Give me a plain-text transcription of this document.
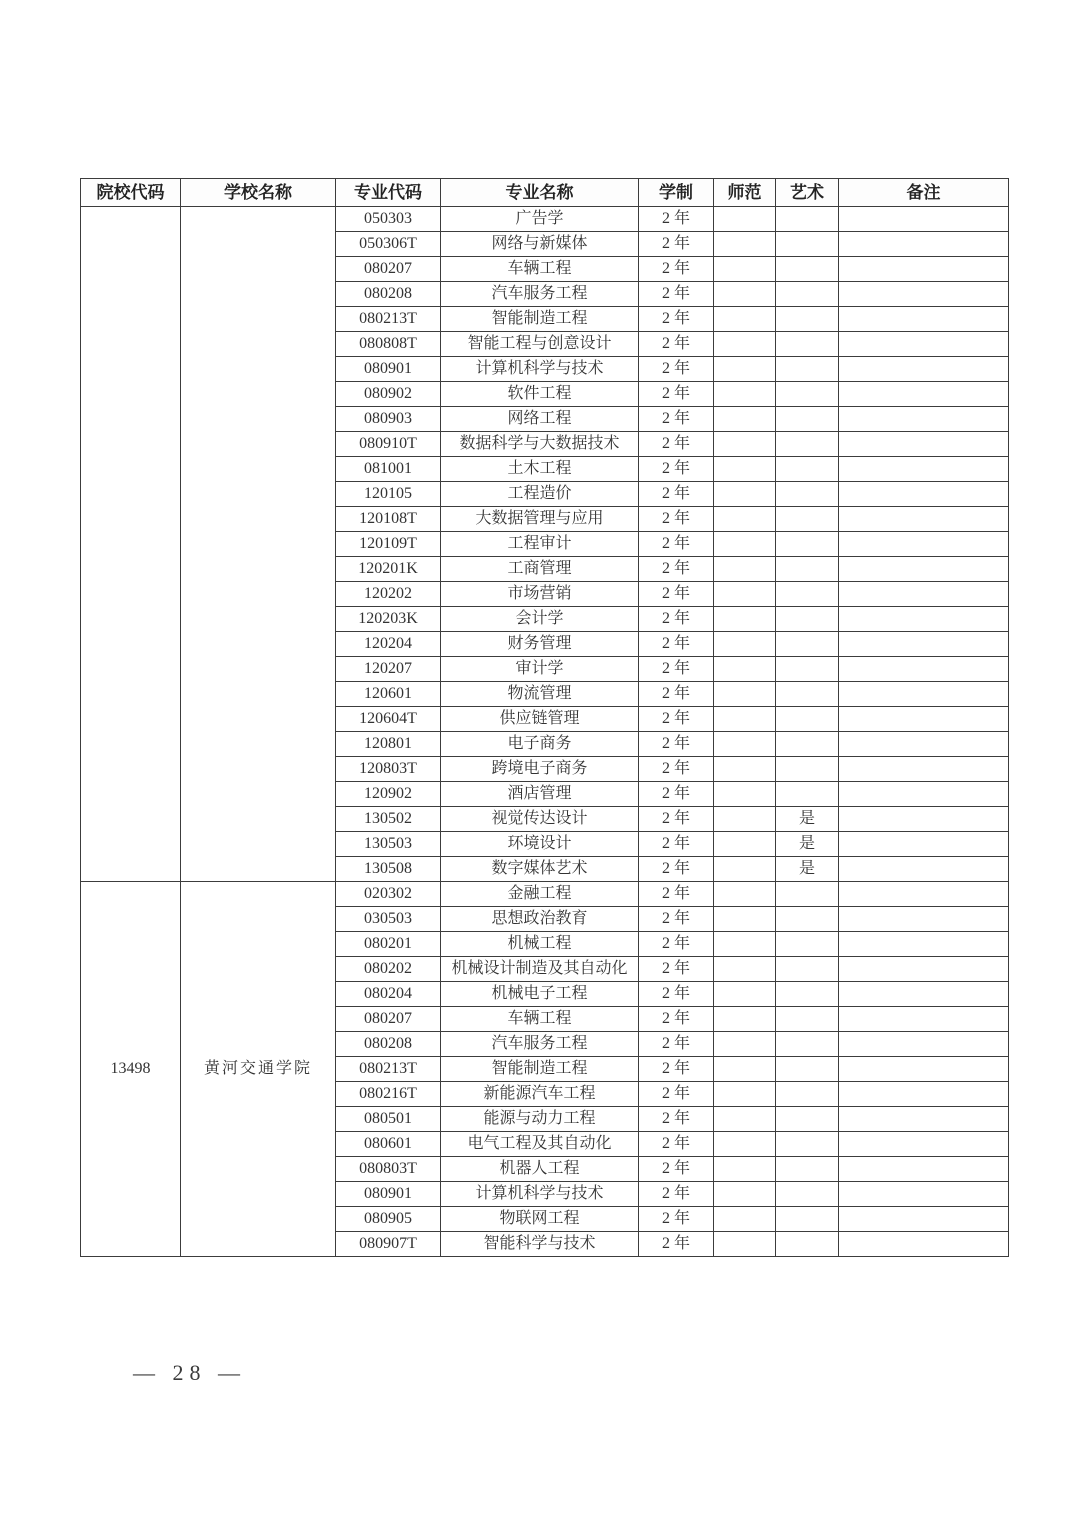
院校代码	学校名称	专业代码	专业名称	学制	师范	艺术	备注
		050303	广告学	2 年			
		050306T	网络与新媒体	2 年			
		080207	车辆工程	2 年			
		080208	汽车服务工程	2 年			
		080213T	智能制造工程	2 年			
		080808T	智能工程与创意设计	2 年			
		080901	计算机科学与技术	2 年			
		080902	软件工程	2 年			
		080903	网络工程	2 年			
		080910T	数据科学与大数据技术	2 年			
		081001	土木工程	2 年			
		120105	工程造价	2 年			
		120108T	大数据管理与应用	2 年			
		120109T	工程审计	2 年			
		120201K	工商管理	2 年			
		120202	市场营销	2 年			
		120203K	会计学	2 年			
		120204	财务管理	2 年			
		120207	审计学	2 年			
		120601	物流管理	2 年			
		120604T	供应链管理	2 年			
		120801	电子商务	2 年			
		120803T	跨境电子商务	2 年			
		120902	酒店管理	2 年			
		130502	视觉传达设计	2 年		是	
		130503	环境设计	2 年		是	
		130508	数字媒体艺术	2 年		是	
13498	黄河交通学院	020302	金融工程	2 年			
		030503	思想政治教育	2 年			
		080201	机械工程	2 年			
		080202	机械设计制造及其自动化	2 年			
		080204	机械电子工程	2 年			
		080207	车辆工程	2 年			
		080208	汽车服务工程	2 年			
		080213T	智能制造工程	2 年			
		080216T	新能源汽车工程	2 年			
		080501	能源与动力工程	2 年			
		080601	电气工程及其自动化	2 年			
		080803T	机器人工程	2 年			
		080901	计算机科学与技术	2 年			
		080905	物联网工程	2 年			
		080907T	智能科学与技术	2 年			
— 28 —
